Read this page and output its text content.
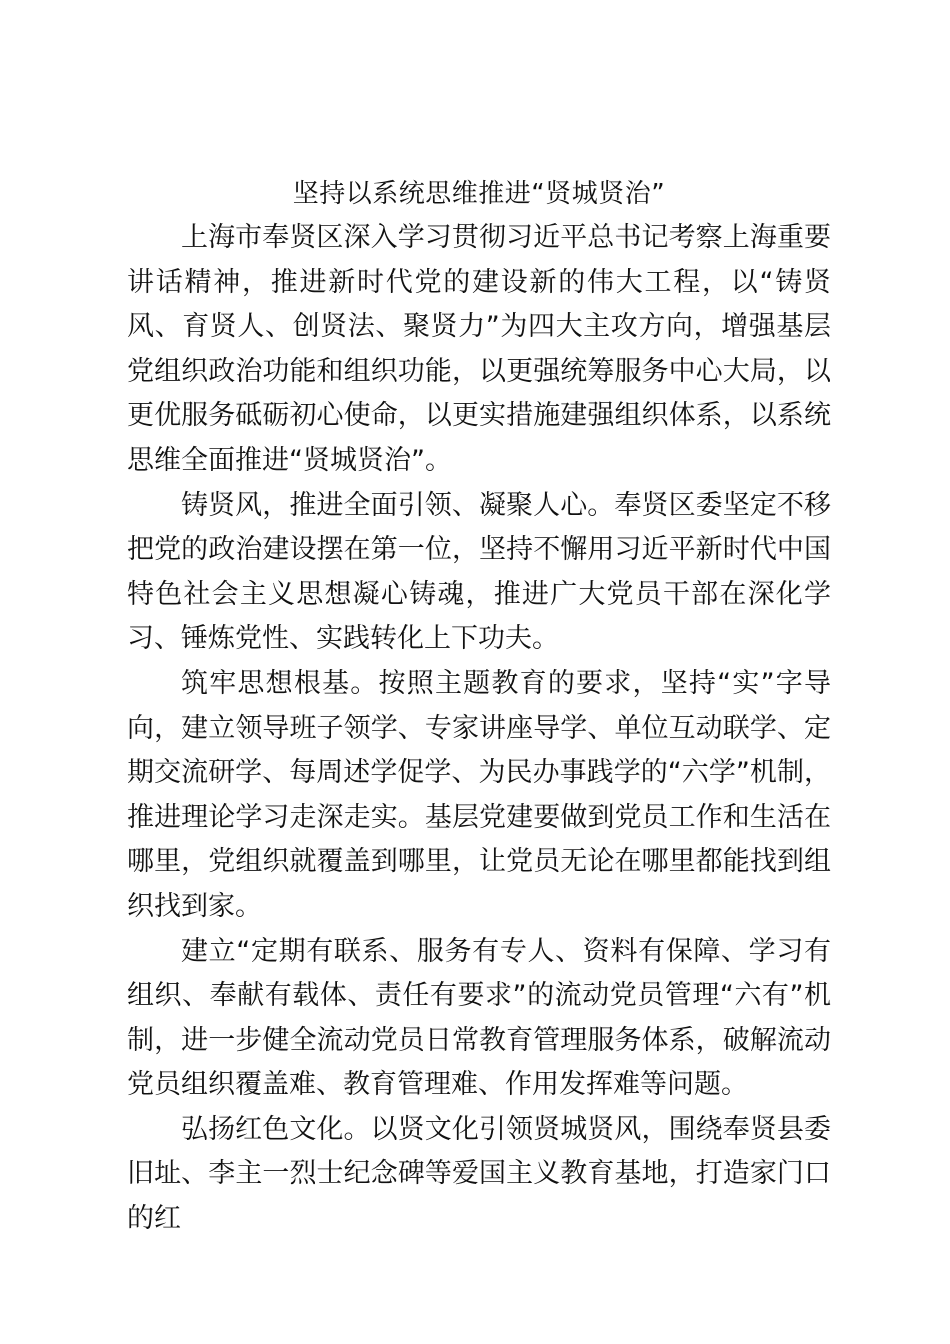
坚持以系统思维推进“贤城贤治”

上海市奉贤区深入学习贯彻习近平总书记考察上海重要讲话精神，推进新时代党的建设新的伟大工程，以“铸贤风、育贤人、创贤法、聚贤力”为四大主攻方向，增强基层党组织政治功能和组织功能，以更强统筹服务中心大局，以更优服务砥砺初心使命，以更实措施建强组织体系，以系统思维全面推进“贤城贤治”。

铸贤风，推进全面引领、凝聚人心。奉贤区委坚定不移把党的政治建设摆在第一位，坚持不懈用习近平新时代中国特色社会主义思想凝心铸魂，推进广大党员干部在深化学习、锤炼党性、实践转化上下功夫。

筑牢思想根基。按照主题教育的要求，坚持“实”字导向，建立领导班子领学、专家讲座导学、单位互动联学、定期交流研学、每周述学促学、为民办事践学的“六学”机制，推进理论学习走深走实。基层党建要做到党员工作和生活在哪里，党组织就覆盖到哪里，让党员无论在哪里都能找到组织找到家。

建立“定期有联系、服务有专人、资料有保障、学习有组织、奉献有载体、责任有要求”的流动党员管理“六有”机制，进一步健全流动党员日常教育管理服务体系，破解流动党员组织覆盖难、教育管理难、作用发挥难等问题。

弘扬红色文化。以贤文化引领贤城贤风，围绕奉贤县委旧址、李主一烈士纪念碑等爱国主义教育基地，打造家门口的红
